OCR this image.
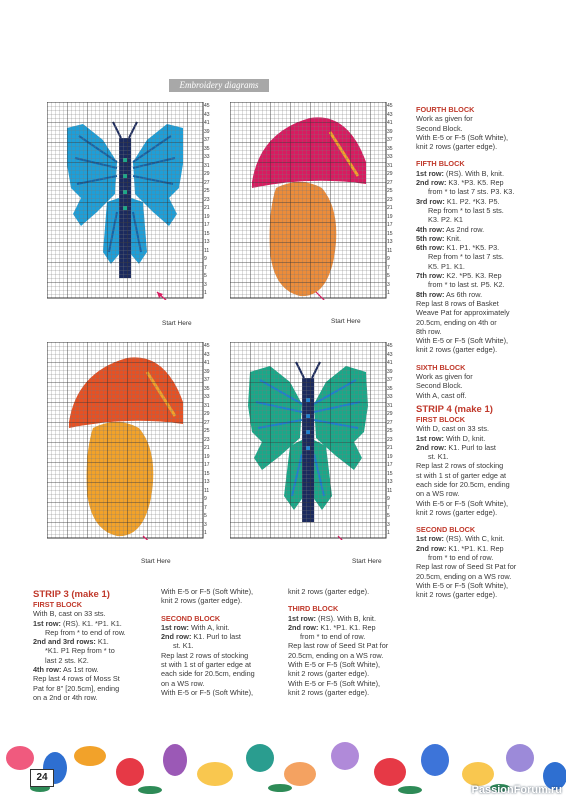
Embroidery diagrams
45
43
41
39
37
35
33
31
29
27
25
23
21
19
17
15
13
11
9
7
5
3
1
Start Here
45
43
41
39
37
35
33
31
29
27
25
23
21
19
17
15
13
11
9
7
5
3
1
Start Here
45
43
41
39
37
35
33
31
29
27
25
23
21
19
17
15
13
11
9
7
5
3
1
Start Here
45
43
41
39
37
35
33
31
29
27
25
23
21
19
17
15
13
11
9
7
5
3
1
Start Here

STRIP 3 (make 1)

FIRST BLOCK

With B, cast on 33 sts.

1st row: (RS). K1. *P1. K1.

Rep from * to end of row.

2nd and 3rd rows: K1.

*K1. P1 Rep from * to

last 2 sts. K2.

4th row: As 1st row.

Rep last 4 rows of Moss St

Pat for 8" [20.5cm], ending

on a 2nd or 4th row.

With E-5 or F-5 (Soft White),

knit 2 rows (garter edge).

SECOND BLOCK

1st row: With A, knit.

2nd row: K1. Purl to last

st. K1.

Rep last 2 rows of stocking

st with 1 st of garter edge at

each side for 20.5cm, ending

on a WS row.

With E-5 or F-5 (Soft White),

knit 2 rows (garter edge).

THIRD BLOCK

1st row: (RS). With B, knit.

2nd row: K1. *P1. K1. Rep

from * to end of row.

Rep last row of Seed St Pat for

20.5cm, ending on a WS row.

With E-5 or F-5 (Soft White),

knit 2 rows (garter edge).

With E-5 or F-5 (Soft White),

knit 2 rows (garter edge).

FOURTH BLOCK

Work as given for

Second Block.

With E-5 or F-5 (Soft White),

knit 2 rows (garter edge).

FIFTH BLOCK

1st row: (RS). With B, knit.

2nd row: K3. *P3. K5. Rep

from * to last 7 sts. P3. K3.

3rd row: K1. P2. *K3. P5.

Rep from * to last 5 sts.

K3. P2. K1

4th row: As 2nd row.

5th row: Knit.

6th row: K1. P1. *K5. P3.

Rep from * to last 7 sts.

K5. P1. K1.

7th row: K2. *P5. K3. Rep

from * to last st. P5. K2.

8th row: As 6th row.

Rep last 8 rows of Basket

Weave Pat for approximately

20.5cm, ending on 4th or

8th row.

With E-5 or F-5 (Soft White),

knit 2 rows (garter edge).

SIXTH BLOCK

Work as given for

Second Block.

With A, cast off.

STRIP 4 (make 1)

FIRST BLOCK

With D, cast on 33 sts.

1st row: With D, knit.

2nd row: K1. Purl to last

st. K1.

Rep last 2 rows of stocking

st with 1 st of garter edge at

each side for 20.5cm, ending

on a WS row.

With E-5 or F-5 (Soft White),

knit 2 rows (garter edge).

SECOND BLOCK

1st row: (RS). With C, knit.

2nd row: K1. *P1. K1. Rep

from * to end of row.

Rep last row of Seed St Pat for

20.5cm, ending on a WS row.

With E-5 or F-5 (Soft White),

knit 2 rows (garter edge).

24
PassionForum.ru
